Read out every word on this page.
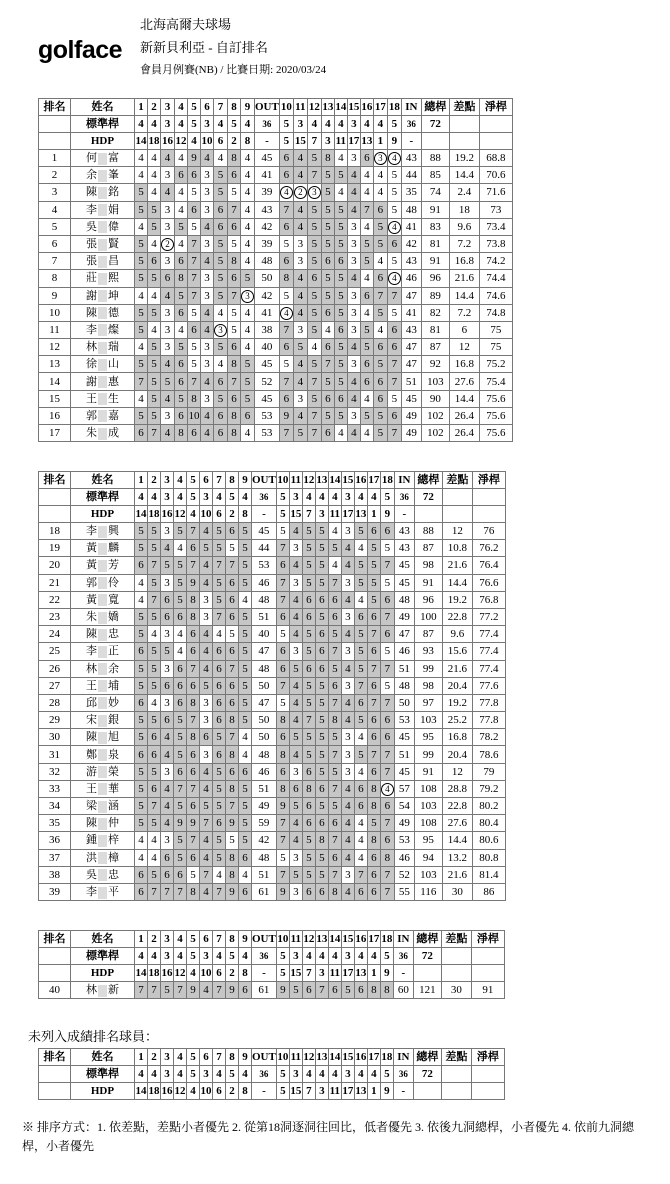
golface
北海高爾夫球場
新新貝利亞 - 自訂排名
會員月例賽(NB) / 比賽日期: 2020/03/24
排名	姓名	1	2	3	4	5	6	7	8	9	OUT	10	11	12	13	14	15	16	17	18	IN	總桿	差點	淨桿
	標準桿	4	4	3	4	5	3	4	5	4	36	5	3	4	4	4	3	4	4	5	36	72		
	HDP	14	18	16	12	4	10	6	2	8	-	5	15	7	3	11	17	13	1	9	-			
1	何 富	4	4	4	4	9	4	4	8	4	45	6	4	5	8	4	3	6	3	4	43	88	19.2	68.8
2	余 峯	4	4	3	6	6	3	5	6	4	41	6	4	7	5	5	4	4	4	5	44	85	14.4	70.6
3	陳 銘	5	4	4	4	5	3	5	5	4	39	4	2	3	5	4	4	4	4	5	35	74	2.4	71.6
4	李 娟	5	5	3	4	6	3	6	7	4	43	7	4	5	5	5	4	7	6	5	48	91	18	73
5	吳 偉	4	5	3	5	5	4	6	6	4	42	6	4	5	5	5	3	4	5	4	41	83	9.6	73.4
6	張 賢	5	4	2	4	7	3	5	5	4	39	5	3	5	5	5	3	5	5	6	42	81	7.2	73.8
7	張 昌	5	6	3	6	7	4	5	8	4	48	6	3	5	6	6	3	5	4	5	43	91	16.8	74.2
8	莊 熙	5	5	6	8	7	3	5	6	5	50	8	4	6	5	5	4	4	6	4	46	96	21.6	74.4
9	謝 坤	4	4	4	5	7	3	5	7	3	42	5	4	5	5	5	3	6	7	7	47	89	14.4	74.6
10	陳 德	5	5	3	6	5	4	4	5	4	41	4	4	5	6	5	3	4	5	5	41	82	7.2	74.8
11	李 燦	5	4	3	4	6	4	3	5	4	38	7	3	5	4	6	3	5	4	6	43	81	6	75
12	林 瑞	4	5	3	5	5	3	5	6	4	40	6	5	4	6	5	4	5	6	6	47	87	12	75
13	徐 山	5	5	4	6	5	3	4	8	5	45	5	4	5	7	5	3	6	5	7	47	92	16.8	75.2
14	謝 惠	7	5	5	6	7	4	6	7	5	52	7	4	7	5	5	4	6	6	7	51	103	27.6	75.4
15	王 生	4	5	4	5	8	3	5	6	5	45	6	3	5	6	6	4	4	6	5	45	90	14.4	75.6
16	郭 嘉	5	5	3	6	10	4	6	8	6	53	9	4	7	5	5	3	5	5	6	49	102	26.4	75.6
17	朱 成	6	7	4	8	6	4	6	8	4	53	7	5	7	6	4	4	4	5	7	49	102	26.4	75.6
排名	姓名	1	2	3	4	5	6	7	8	9	OUT	10	11	12	13	14	15	16	17	18	IN	總桿	差點	淨桿
	標準桿	4	4	3	4	5	3	4	5	4	36	5	3	4	4	4	3	4	4	5	36	72		
	HDP	14	18	16	12	4	10	6	2	8	-	5	15	7	3	11	17	13	1	9	-			
18	李 興	5	5	3	5	7	4	5	6	5	45	5	4	5	5	4	3	5	6	6	43	88	12	76
19	黃 麟	5	5	4	4	6	5	5	5	5	44	7	3	5	5	5	4	4	5	5	43	87	10.8	76.2
20	黃 芳	6	7	5	5	7	4	7	7	5	53	6	4	5	5	4	4	5	5	7	45	98	21.6	76.4
21	郭 伶	4	5	3	5	9	4	5	6	5	46	7	3	5	5	7	3	5	5	5	45	91	14.4	76.6
22	黃 寬	4	7	6	5	8	3	5	6	4	48	7	4	6	6	6	4	4	5	6	48	96	19.2	76.8
23	朱 嬌	5	5	6	6	8	3	7	6	5	51	6	4	6	5	6	3	6	6	7	49	100	22.8	77.2
24	陳 忠	5	4	3	4	6	4	4	5	5	40	5	4	5	6	5	4	5	7	6	47	87	9.6	77.4
25	李 正	6	5	5	4	6	4	6	6	5	47	6	3	5	6	7	3	5	6	5	46	93	15.6	77.4
26	林 余	5	5	3	6	7	4	6	7	5	48	6	5	6	6	5	4	5	7	7	51	99	21.6	77.4
27	王 埔	5	5	6	6	6	5	6	6	5	50	7	4	5	5	6	3	7	6	5	48	98	20.4	77.6
28	邱 妙	6	4	3	6	8	3	6	6	5	47	5	4	5	5	7	4	6	7	7	50	97	19.2	77.8
29	宋 銀	5	5	6	5	7	3	6	8	5	50	8	4	7	5	8	4	5	6	6	53	103	25.2	77.8
30	陳 旭	5	6	4	5	8	6	5	7	4	50	6	5	5	5	5	3	4	6	6	45	95	16.8	78.2
31	鄭 泉	6	6	4	5	6	3	6	8	4	48	8	4	5	5	7	3	5	7	7	51	99	20.4	78.6
32	游 榮	5	5	3	6	6	4	5	6	6	46	6	3	6	5	5	3	4	6	7	45	91	12	79
33	王 華	5	6	4	7	7	4	5	8	5	51	8	6	8	6	7	4	6	8	4	57	108	28.8	79.2
34	梁 涵	5	7	4	5	6	5	5	7	5	49	9	5	6	5	5	4	6	8	6	54	103	22.8	80.2
35	陳 仲	5	5	4	9	9	7	6	9	5	59	7	4	6	6	6	4	4	5	7	49	108	27.6	80.4
36	鍾 梓	4	4	3	5	7	4	5	5	5	42	7	4	5	8	7	4	4	8	6	53	95	14.4	80.6
37	洪 樟	4	4	6	5	6	4	5	8	6	48	5	3	5	5	6	4	4	6	8	46	94	13.2	80.8
38	吳 忠	6	5	6	6	5	7	4	8	4	51	7	5	5	5	7	3	7	6	7	52	103	21.6	81.4
39	李 平	6	7	7	7	8	4	7	9	6	61	9	3	6	6	8	4	6	6	7	55	116	30	86
排名	姓名	1	2	3	4	5	6	7	8	9	OUT	10	11	12	13	14	15	16	17	18	IN	總桿	差點	淨桿
	標準桿	4	4	3	4	5	3	4	5	4	36	5	3	4	4	4	3	4	4	5	36	72		
	HDP	14	18	16	12	4	10	6	2	8	-	5	15	7	3	11	17	13	1	9	-			
40	林 新	7	7	5	7	9	4	7	9	6	61	9	5	6	7	6	5	6	8	8	60	121	30	91
排名	姓名	1	2	3	4	5	6	7	8	9	OUT	10	11	12	13	14	15	16	17	18	IN	總桿	差點	淨桿
	標準桿	4	4	3	4	5	3	4	5	4	36	5	3	4	4	4	3	4	4	5	36	72		
	HDP	14	18	16	12	4	10	6	2	8	-	5	15	7	3	11	17	13	1	9	-			
未列入成績排名球員：
※ 排序方式：1. 依差點，差點小者優先 2. 從第18洞逐洞往回比，低者優先 3. 依後九洞總桿，小者優先 4. 依前九洞總桿，小者優先
